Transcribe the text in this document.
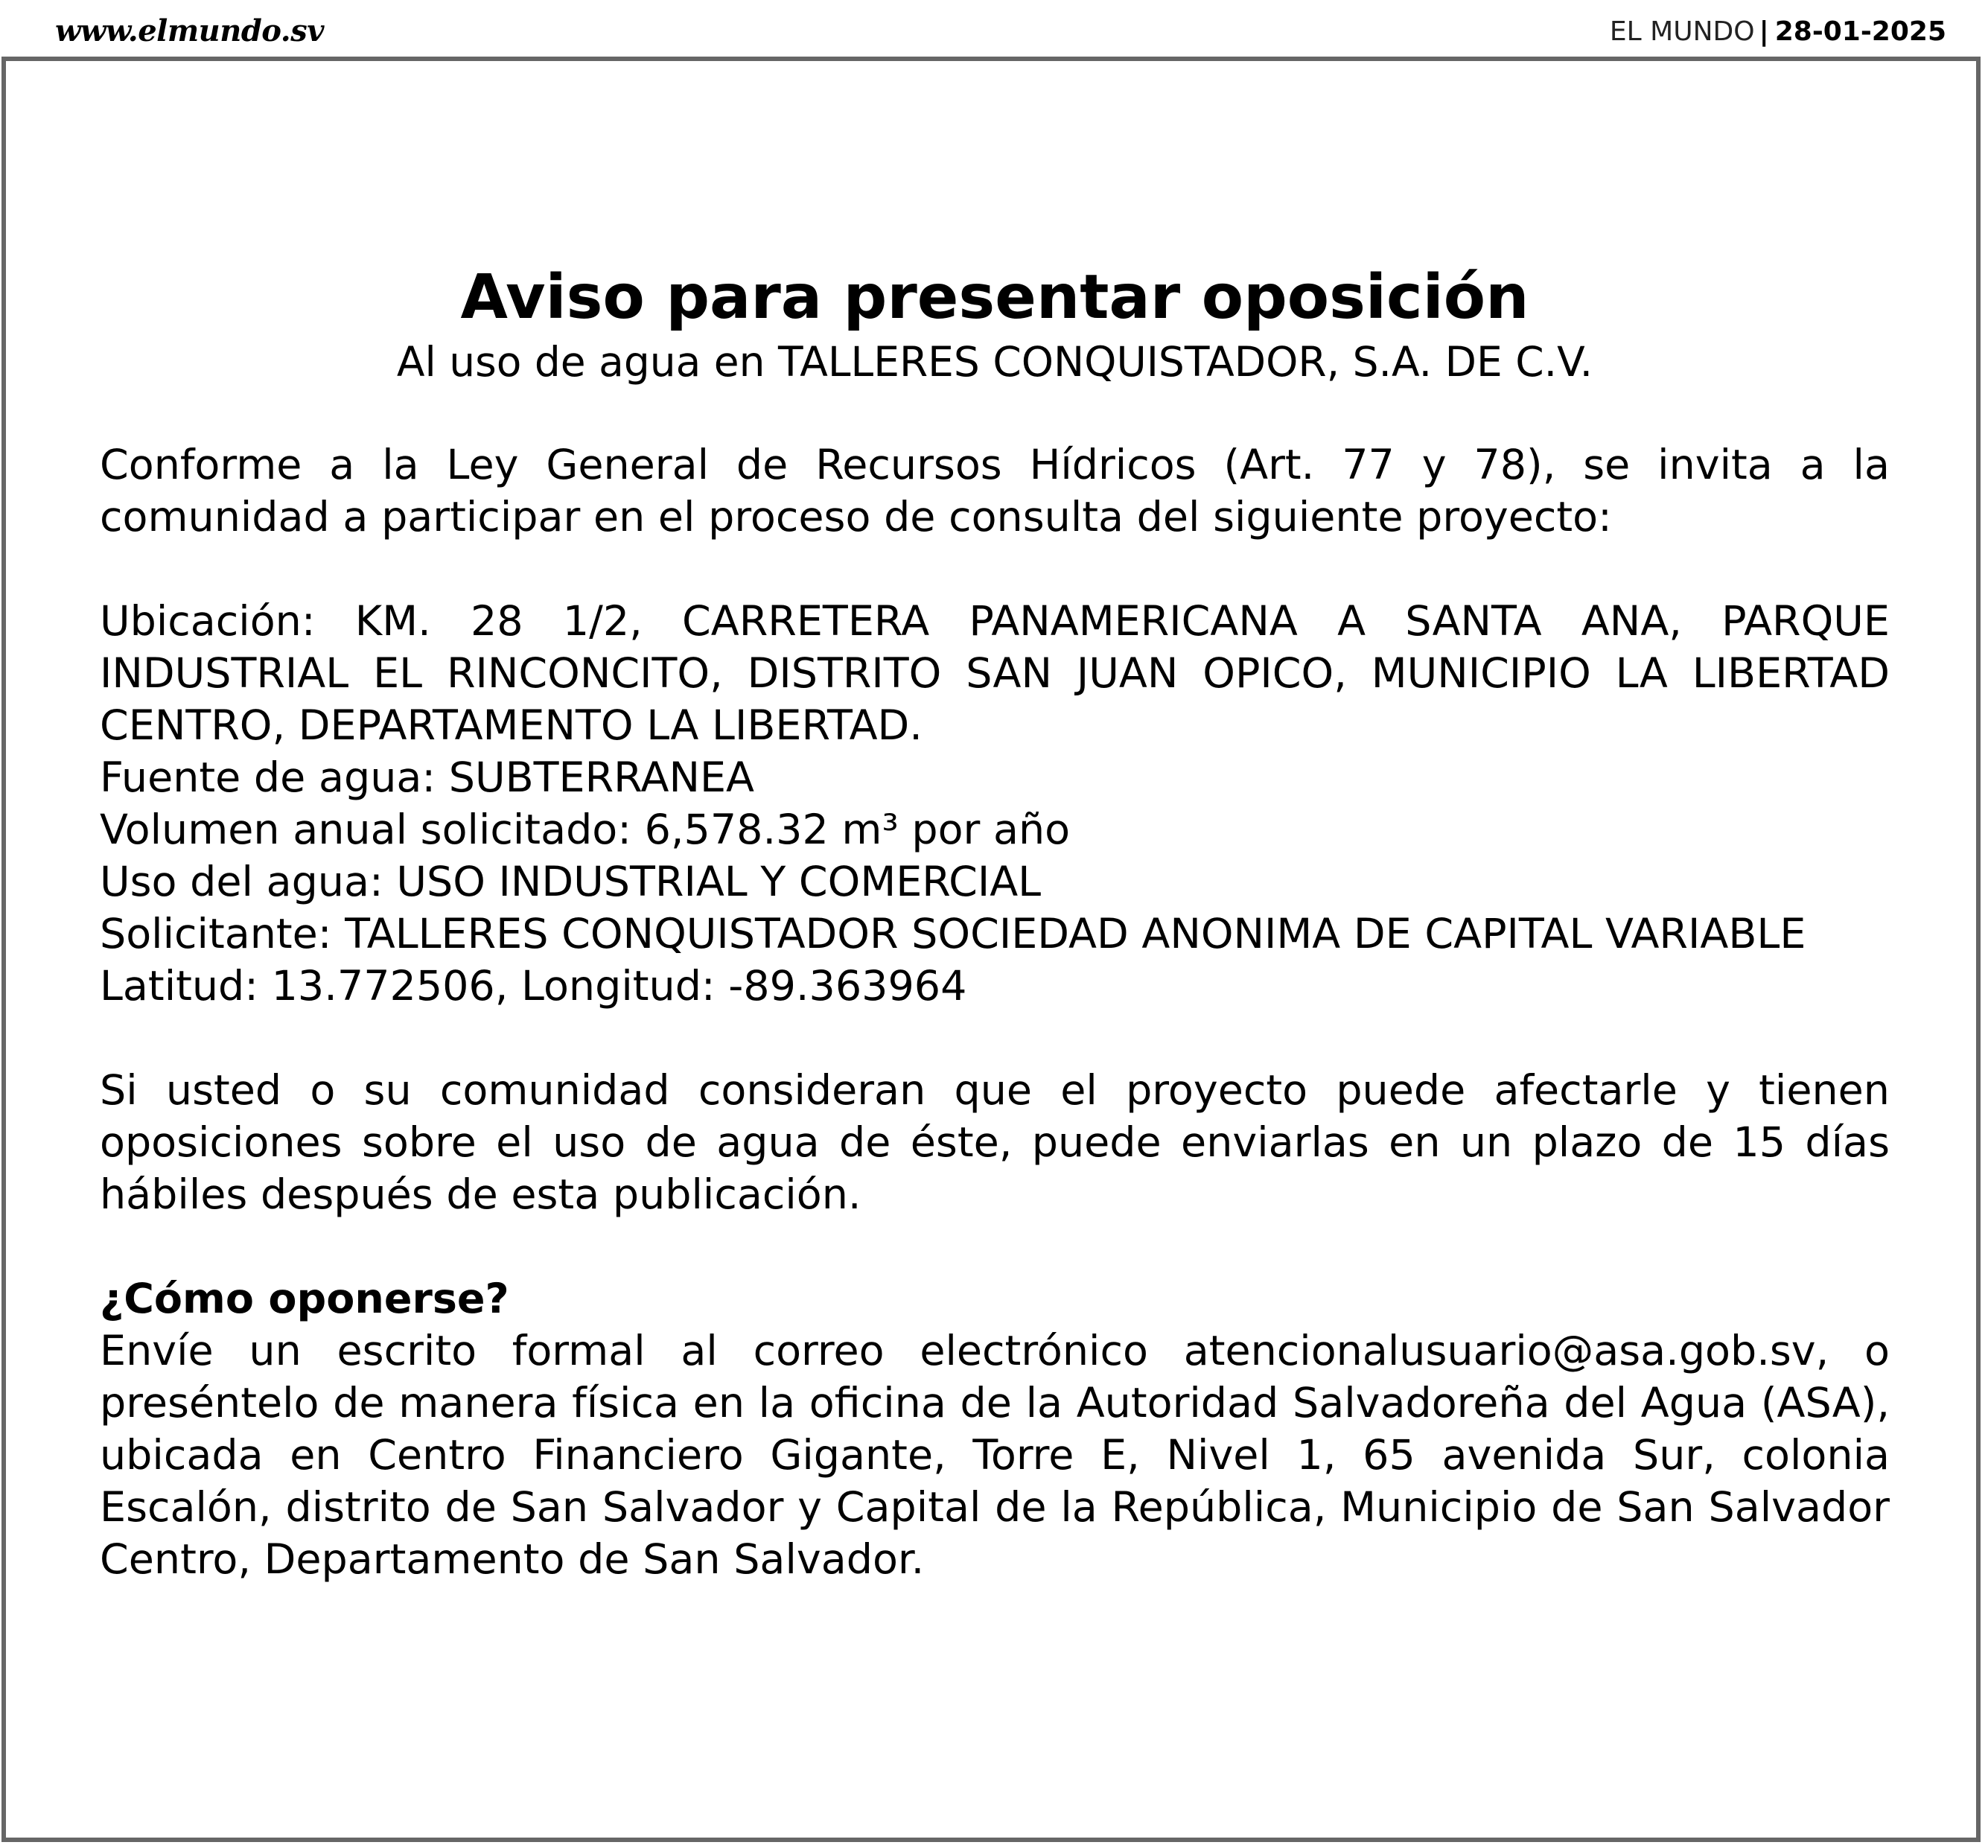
www.elmundo.sv	EL MUNDO | 28-01-2025
Aviso para presentar oposición

Al uso de agua en TALLERES CONQUISTADOR, S.A. DE C.V.

Conforme a la Ley General de Recursos Hídricos (Art. 77 y 78), se invita a la comunidad a participar en el proceso de consulta del siguiente proyecto:

Ubicación: KM. 28 1/2, CARRETERA PANAMERICANA A SANTA ANA, PARQUE INDUSTRIAL EL RINCONCITO, DISTRITO SAN JUAN OPICO, MUNICIPIO LA LIBERTAD CENTRO, DEPARTAMENTO LA LIBERTAD.

Fuente de agua: SUBTERRANEA

Volumen anual solicitado: 6,578.32 m³ por año

Uso del agua: USO INDUSTRIAL Y COMERCIAL

Solicitante: TALLERES CONQUISTADOR SOCIEDAD ANONIMA DE CAPITAL VARIABLE

Latitud: 13.772506, Longitud: -89.363964

Si usted o su comunidad consideran que el proyecto puede afectarle y tienen oposiciones sobre el uso de agua de éste, puede enviarlas en un plazo de 15 días hábiles después de esta publicación.

¿Cómo oponerse?

Envíe un escrito formal al correo electrónico atencionalusuario@asa.gob.sv, o preséntelo de manera física en la oficina de la Autoridad Salvadoreña del Agua (ASA), ubicada en Centro Financiero Gigante, Torre E, Nivel 1, 65 avenida Sur, colonia Escalón, distrito de San Salvador y Capital de la República, Municipio de San Salvador Centro, Departamento de San Salvador.
